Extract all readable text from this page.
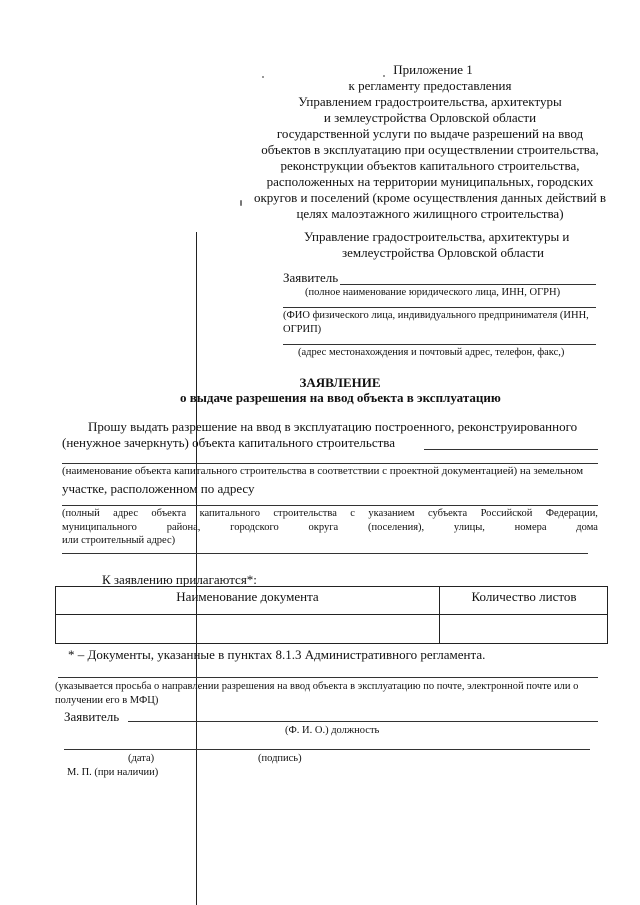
Приложение 1
к регламенту предоставления
Управлением градостроительства, архитектуры
и землеустройства Орловской области
государственной услуги по выдаче разрешений на ввод
объектов в эксплуатацию при осуществлении строительства,
реконструкции объектов капитального строительства,
расположенных на территории муниципальных, городских
округов и поселений (кроме осуществления данных действий в
целях малоэтажного жилищного строительства)
Управление градостроительства, архитектуры и
землеустройства Орловской области
Заявитель
(полное наименование юридического лица, ИНН, ОГРН)
(ФИО физического лица, индивидуального предпринимателя (ИНН,
ОГРИП)
(адрес местонахождения и почтовый адрес, телефон, факс,)
ЗАЯВЛЕНИЕ
о выдаче разрешения на ввод объекта в эксплуатацию
Прошу выдать разрешение на ввод в эксплуатацию построенного, реконструированного
(ненужное зачеркнуть) объекта капитального строительства
(наименование объекта капитального строительства в соответствии с проектной документацией) на земельном
участке, расположенном по адресу
(полный адрес объекта капитального строительства с указанием субъекта Российской Федерации,
муниципального	района,	городского	округа	(поселения),	улицы,	номера	дома
или строительный адрес)
К заявлению прилагаются*:
Наименование документа	Количество листов
* – Документы, указанные в пунктах 8.1.3 Административного регламента.
(указывается просьба о направлении разрешения на ввод объекта в эксплуатацию по почте, электронной почте или о
получении его в МФЦ)
Заявитель
(Ф. И. О.) должность
(дата)	(подпись)
М. П. (при наличии)
